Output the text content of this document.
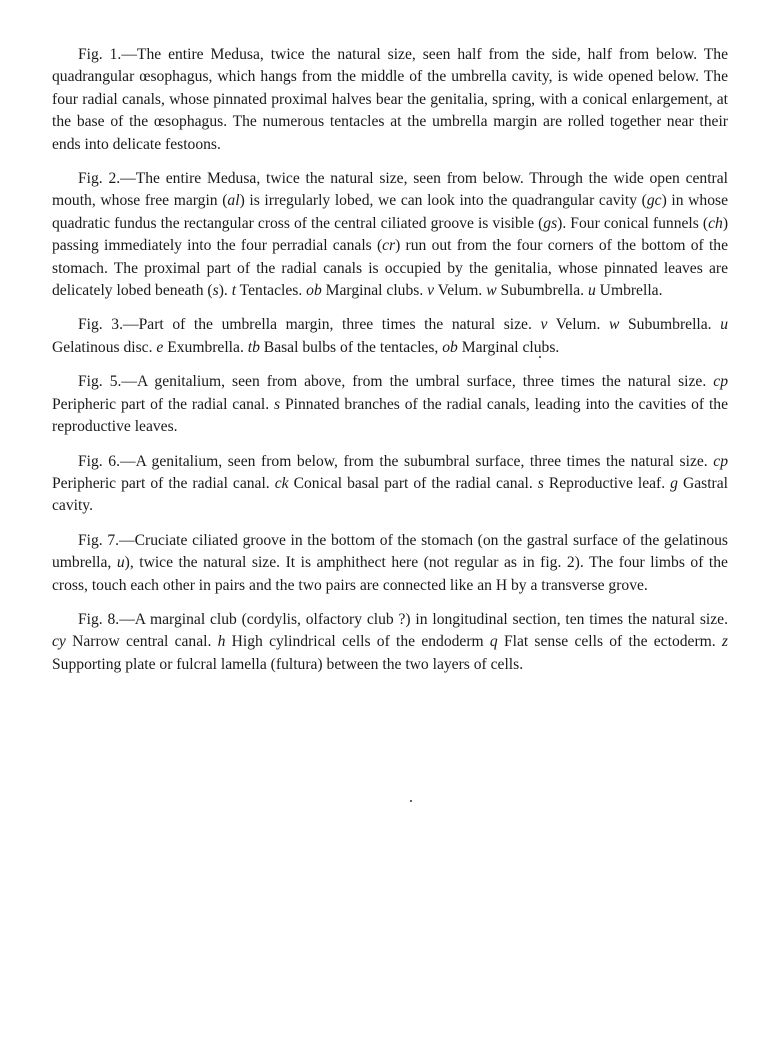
Fig. 1.—The entire Medusa, twice the natural size, seen half from the side, half from below. The quadrangular œsophagus, which hangs from the middle of the umbrella cavity, is wide opened below. The four radial canals, whose pinnated proximal halves bear the genitalia, spring, with a conical enlargement, at the base of the œsophagus. The numerous tentacles at the umbrella margin are rolled together near their ends into delicate festoons.

Fig. 2.—The entire Medusa, twice the natural size, seen from below. Through the wide open central mouth, whose free margin (al) is irregularly lobed, we can look into the quadrangular cavity (gc) in whose quadratic fundus the rectangular cross of the central ciliated groove is visible (gs). Four conical funnels (ch) passing immediately into the four perradial canals (cr) run out from the four corners of the bottom of the stomach. The proximal part of the radial canals is occupied by the genitalia, whose pinnated leaves are delicately lobed beneath (s). t Tentacles. ob Marginal clubs. v Velum. w Subumbrella. u Umbrella.

Fig. 3.—Part of the umbrella margin, three times the natural size. v Velum. w Subumbrella. u Gelatinous disc. e Exumbrella. tb Basal bulbs of the tentacles, ob Marginal clubs.

Fig. 5.—A genitalium, seen from above, from the umbral surface, three times the natural size. cp Peripheric part of the radial canal. s Pinnated branches of the radial canals, leading into the cavities of the reproductive leaves.

Fig. 6.—A genitalium, seen from below, from the subumbral surface, three times the natural size. cp Peripheric part of the radial canal. ck Conical basal part of the radial canal. s Reproductive leaf. g Gastral cavity.

Fig. 7.—Cruciate ciliated groove in the bottom of the stomach (on the gastral surface of the gelatinous umbrella, u), twice the natural size. It is amphithect here (not regular as in fig. 2). The four limbs of the cross, touch each other in pairs and the two pairs are connected like an H by a transverse grove.

Fig. 8.—A marginal club (cordylis, olfactory club ?) in longitudinal section, ten times the natural size. cy Narrow central canal. h High cylindrical cells of the endoderm q Flat sense cells of the ectoderm. z Supporting plate or fulcral lamella (fultura) between the two layers of cells.
